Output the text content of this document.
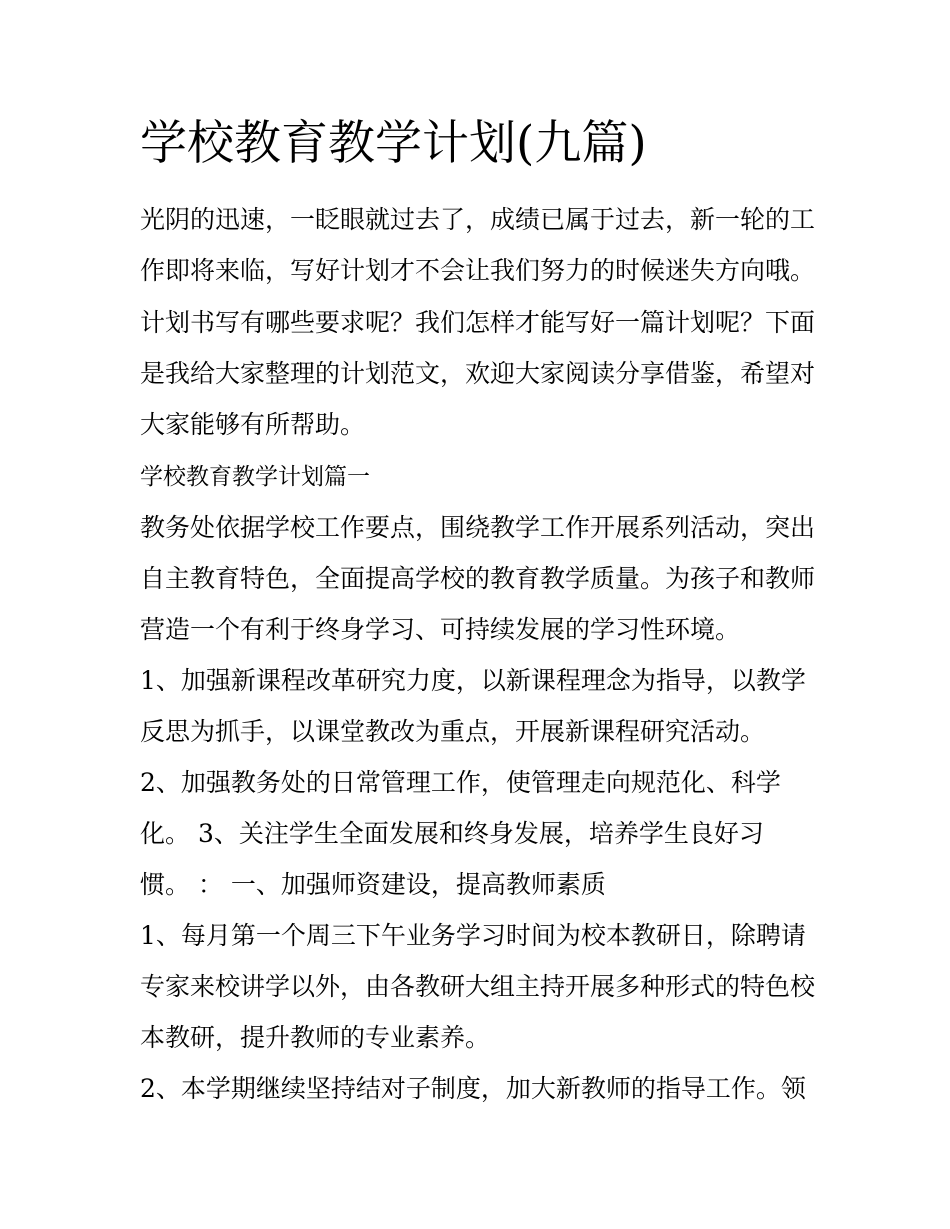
学校教育教学计划(九篇)

光阴的迅速，一眨眼就过去了，成绩已属于过去，新一轮的工

作即将来临，写好计划才不会让我们努力的时候迷失方向哦。

计划书写有哪些要求呢？我们怎样才能写好一篇计划呢？下面

是我给大家整理的计划范文，欢迎大家阅读分享借鉴，希望对

大家能够有所帮助。

学校教育教学计划篇一

教务处依据学校工作要点，围绕教学工作开展系列活动，突出

自主教育特色，全面提高学校的教育教学质量。为孩子和教师

营造一个有利于终身学习、可持续发展的学习性环境。

1、加强新课程改革研究力度，以新课程理念为指导，以教学

反思为抓手，以课堂教改为重点，开展新课程研究活动。

2、加强教务处的日常管理工作，使管理走向规范化、科学

化。 3、关注学生全面发展和终身发展，培养学生良好习

惯。 ： 一、加强师资建设，提高教师素质

1、每月第一个周三下午业务学习时间为校本教研日，除聘请

专家来校讲学以外，由各教研大组主持开展多种形式的特色校

本教研，提升教师的专业素养。

2、本学期继续坚持结对子制度，加大新教师的指导工作。领
